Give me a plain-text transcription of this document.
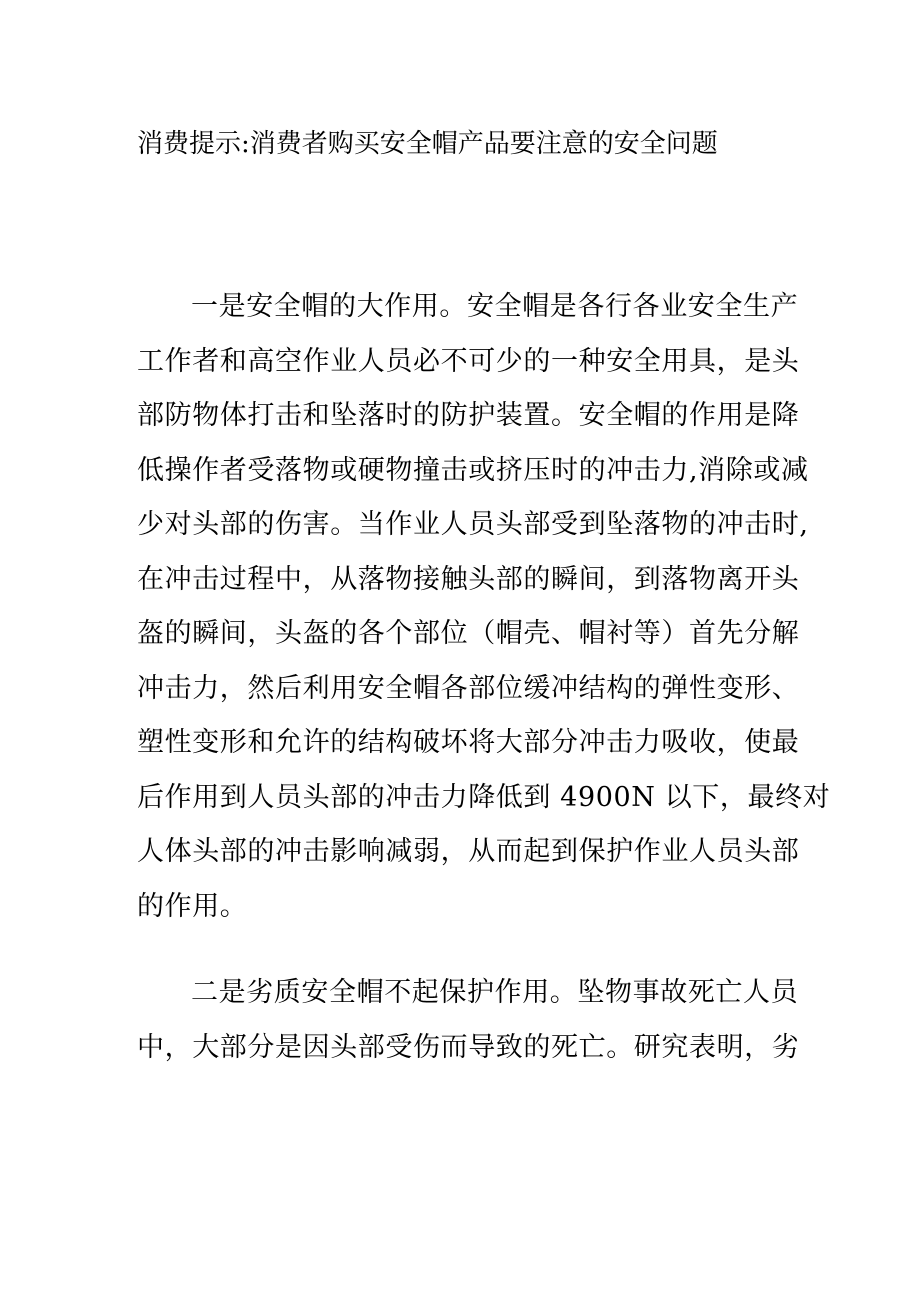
消费提示:消费者购买安全帽产品要注意的安全问题

一是安全帽的大作用。安全帽是各行各业安全生产
工作者和高空作业人员必不可少的一种安全用具，是头
部防物体打击和坠落时的防护装置。安全帽的作用是降
低操作者受落物或硬物撞击或挤压时的冲击力,消除或减
少对头部的伤害。当作业人员头部受到坠落物的冲击时,
在冲击过程中，从落物接触头部的瞬间，到落物离开头
盔的瞬间，头盔的各个部位（帽壳、帽衬等）首先分解
冲击力，然后利用安全帽各部位缓冲结构的弹性变形、
塑性变形和允许的结构破坏将大部分冲击力吸收，使最
后作用到人员头部的冲击力降低到 4900N 以下，最终对
人体头部的冲击影响减弱，从而起到保护作业人员头部
的作用。

二是劣质安全帽不起保护作用。坠物事故死亡人员
中，大部分是因头部受伤而导致的死亡。研究表明，劣
